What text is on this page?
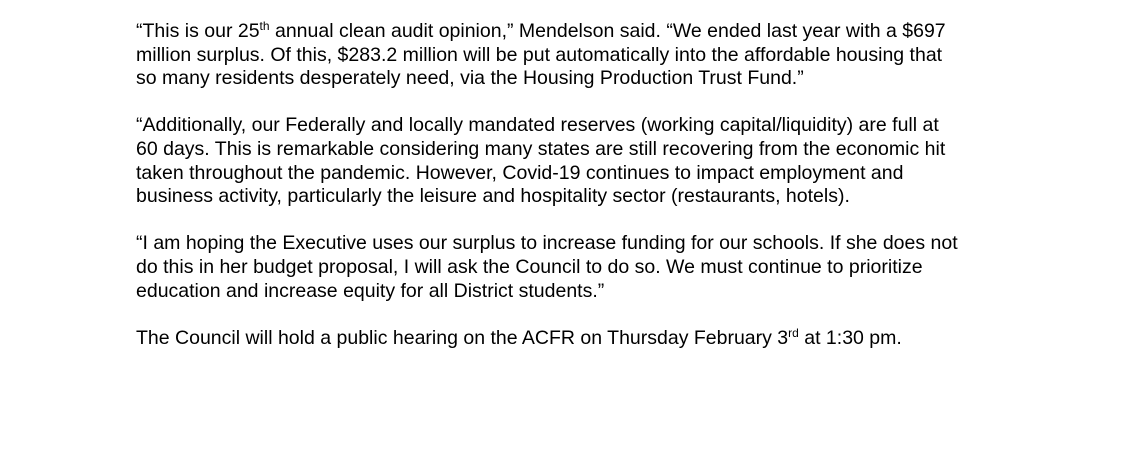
“This is our 25th annual clean audit opinion,” Mendelson said. “We ended last year with a $697
million surplus. Of this, $283.2 million will be put automatically into the affordable housing that
so many residents desperately need, via the Housing Production Trust Fund.”

“Additionally, our Federally and locally mandated reserves (working capital/liquidity) are full at
60 days. This is remarkable considering many states are still recovering from the economic hit
taken throughout the pandemic. However, Covid-19 continues to impact employment and
business activity, particularly the leisure and hospitality sector (restaurants, hotels).

“I am hoping the Executive uses our surplus to increase funding for our schools. If she does not
do this in her budget proposal, I will ask the Council to do so. We must continue to prioritize
education and increase equity for all District students.”

The Council will hold a public hearing on the ACFR on Thursday February 3rd at 1:30 pm.
